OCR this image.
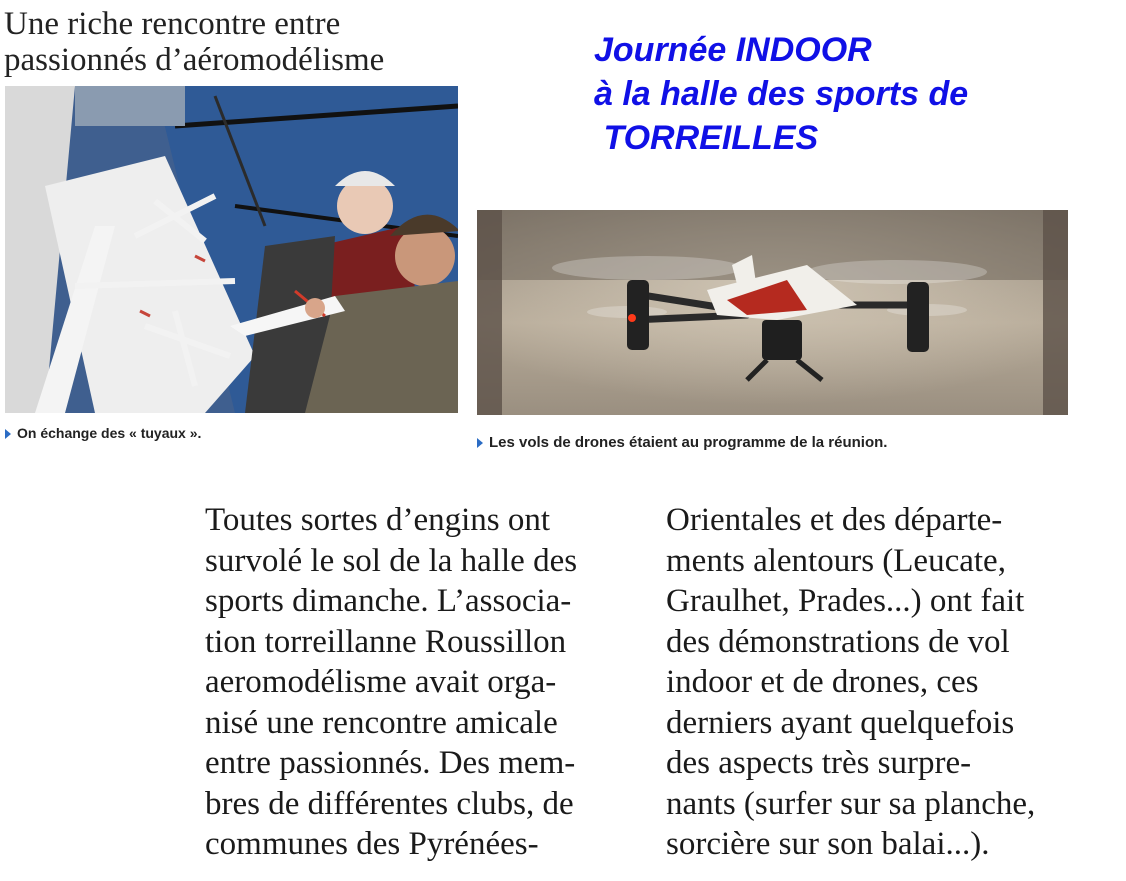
Une riche rencontre entre
passionnés d’aéromodélisme	Journée INDOOR
à la halle des sports de
TORREILLES
On échange des « tuyaux ».
Les vols de drones étaient au programme de la réunion.
Toutes sortes d’engins ont
survolé le sol de la halle des
sports dimanche. L’associa-
tion torreillanne Roussillon
aeromodélisme avait orga-
nisé une rencontre amicale
entre passionnés. Des mem-
bres de différentes clubs, de
communes des Pyrénées-
Orientales et des départe-
ments alentours (Leucate,
Graulhet, Prades...) ont fait
des démonstrations de vol
indoor et de drones, ces
derniers ayant quelquefois
des aspects très surpre-
nants (surfer sur sa planche,
sorcière sur son balai...).
